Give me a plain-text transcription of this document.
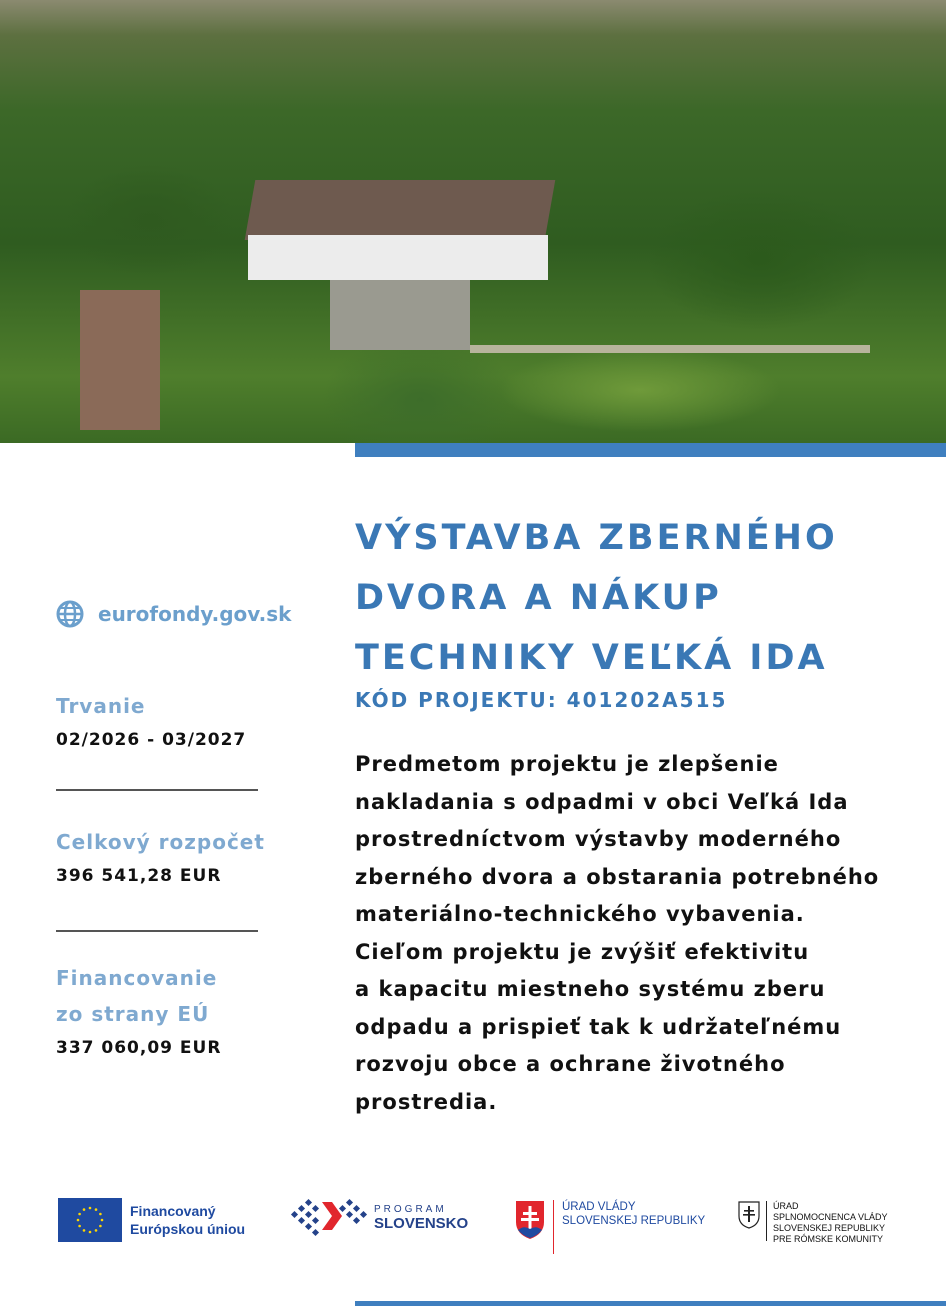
VÝSTAVBA ZBERNÉHO
DVORA A NÁKUP
TECHNIKY VEĽKÁ IDA
KÓD PROJEKTU: 401202A515
Predmetom projektu je zlepšenie
nakladania s odpadmi v obci Veľká Ida
prostredníctvom výstavby moderného
zberného dvora a obstarania potrebného
materiálno-technického vybavenia.
Cieľom projektu je zvýšiť efektivitu
a kapacitu miestneho systému zberu
odpadu a prispieť tak k udržateľnému
rozvoju obce a ochrane životného
prostredia.
eurofondy.gov.sk
Trvanie
02/2026 - 03/2027
Celkový rozpočet
396 541,28 EUR
Financovanie
zo strany EÚ
337 060,09 EUR
Financovaný
Európskou úniou
PROGRAM
SLOVENSKO
ÚRAD VLÁDY
SLOVENSKEJ REPUBLIKY
ÚRAD
SPLNOMOCNENCA VLÁDY
SLOVENSKEJ REPUBLIKY
PRE RÓMSKE KOMUNITY
